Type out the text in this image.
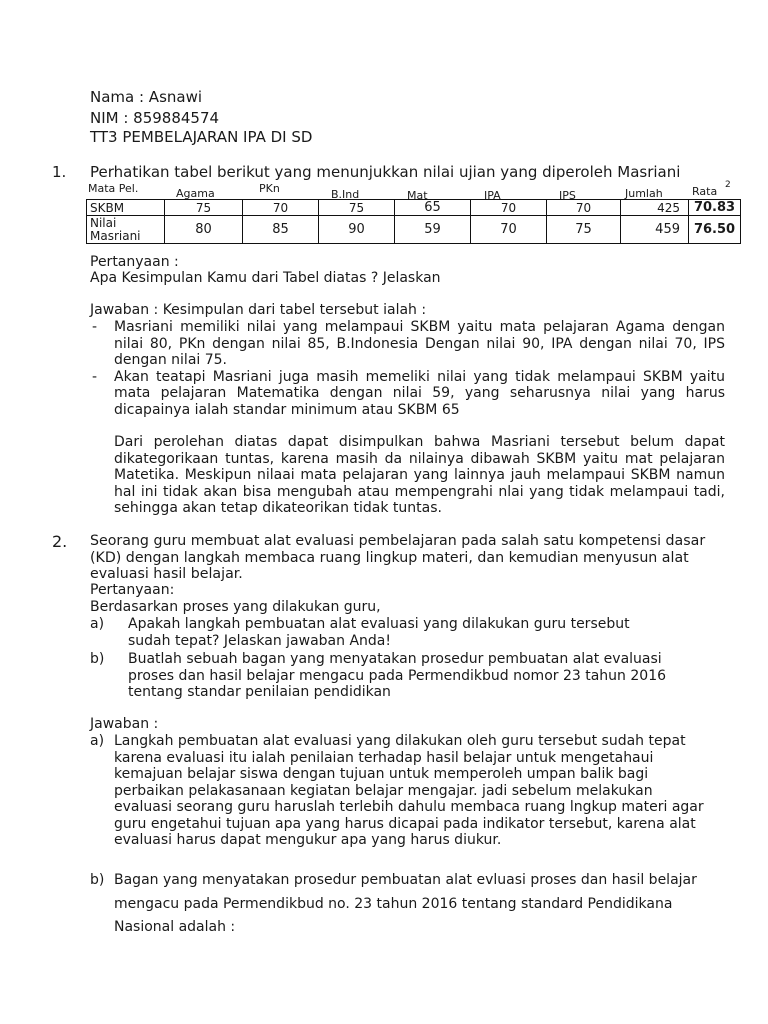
Nama : Asnawi
NIM : 859884574
TT3 PEMBELAJARAN IPA DI SD
1. Perhatikan tabel berikut yang menunjukkan nilai ujian yang diperoleh Masriani
Mata Pel.	Agama	PKn	B.Ind	Mat	IPA	IPS	Jumlah	Rata 2
SKBM	75	70	75	65	70	70	425	70.83
Nilai Masriani	80	85	90	59	70	75	459	76.50
Pertanyaan :
Apa Kesimpulan Kamu dari Tabel diatas ? Jelaskan
Jawaban : Kesimpulan dari tabel tersebut ialah :
- Masriani memiliki nilai yang melampaui SKBM yaitu mata pelajaran Agama dengan nilai 80, PKn dengan nilai 85, B.Indonesia Dengan nilai 90, IPA dengan nilai 70, IPS dengan nilai 75.
- Akan teatapi Masriani juga masih memeliki nilai yang tidak melampaui SKBM yaitu mata pelajaran Matematika dengan nilai 59, yang seharusnya nilai yang harus dicapainya ialah standar minimum atau SKBM 65
Dari perolehan diatas dapat disimpulkan bahwa Masriani tersebut belum dapat dikategorikaan tuntas, karena masih da nilainya dibawah SKBM yaitu mat pelajaran Matetika. Meskipun nilaai mata pelajaran yang lainnya jauh melampaui SKBM namun hal ini tidak akan bisa mengubah atau mempengrahi nlai yang tidak melampaui tadi, sehingga akan tetap dikateorikan tidak tuntas.
2. Seorang guru membuat alat evaluasi pembelajaran pada salah satu kompetensi dasar (KD) dengan langkah membaca ruang lingkup materi, dan kemudian menyusun alat evaluasi hasil belajar.
Pertanyaan:
Berdasarkan proses yang dilakukan guru,
a)	Apakah langkah pembuatan alat evaluasi yang dilakukan guru tersebut sudah tepat? Jelaskan jawaban Anda!
b)	Buatlah sebuah bagan yang menyatakan prosedur pembuatan alat evaluasi proses dan hasil belajar mengacu pada Permendikbud nomor 23 tahun 2016 tentang standar penilaian pendidikan
Jawaban :
a) Langkah pembuatan alat evaluasi yang dilakukan oleh guru tersebut sudah tepat karena evaluasi itu ialah penilaian terhadap hasil belajar untuk mengetahaui kemajuan belajar siswa dengan tujuan untuk memperoleh umpan balik bagi perbaikan pelakasanaan kegiatan belajar mengajar. jadi sebelum melakukan evaluasi seorang guru haruslah terlebih dahulu membaca ruang lngkup materi agar guru engetahui tujuan apa yang harus dicapai pada indikator tersebut, karena alat evaluasi harus dapat mengukur apa yang harus diukur.
b) Bagan yang menyatakan prosedur pembuatan alat evluasi proses dan hasil belajar mengacu pada Permendikbud no. 23 tahun 2016 tentang standard Pendidikana Nasional adalah :
